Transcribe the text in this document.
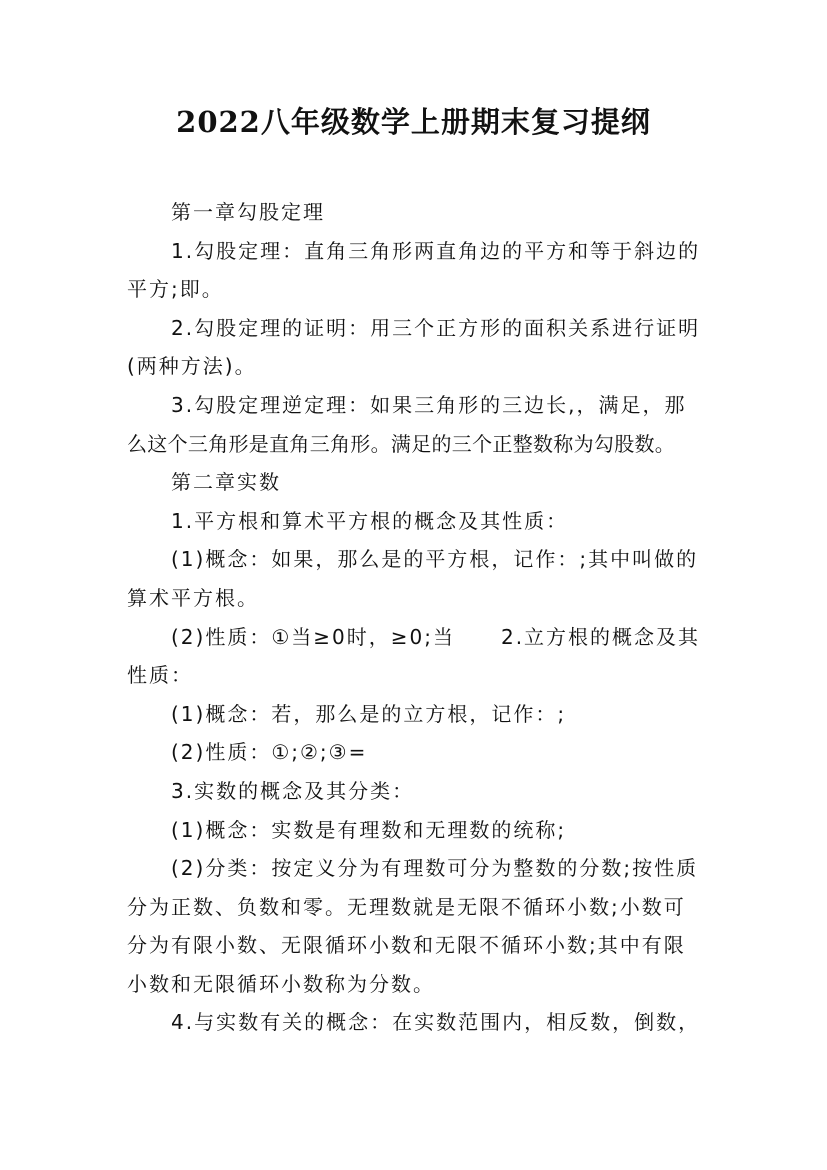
2022八年级数学上册期末复习提纲
第一章勾股定理
1.勾股定理：直角三角形两直角边的平方和等于斜边的
平方;即。
2.勾股定理的证明：用三个正方形的面积关系进行证明
(两种方法)。
3.勾股定理逆定理：如果三角形的三边长,，满足，那
么这个三角形是直角三角形。满足的三个正整数称为勾股数。
第二章实数
1.平方根和算术平方根的概念及其性质：
(1)概念：如果，那么是的平方根，记作：;其中叫做的
算术平方根。
(2)性质：①当≥0时，≥0;当 2.立方根的概念及其
性质：
(1)概念：若，那么是的立方根，记作：;
(2)性质：①;②;③=
3.实数的概念及其分类：
(1)概念：实数是有理数和无理数的统称;
(2)分类：按定义分为有理数可分为整数的分数;按性质
分为正数、负数和零。无理数就是无限不循环小数;小数可
分为有限小数、无限循环小数和无限不循环小数;其中有限
小数和无限循环小数称为分数。
4.与实数有关的概念：在实数范围内，相反数，倒数，
